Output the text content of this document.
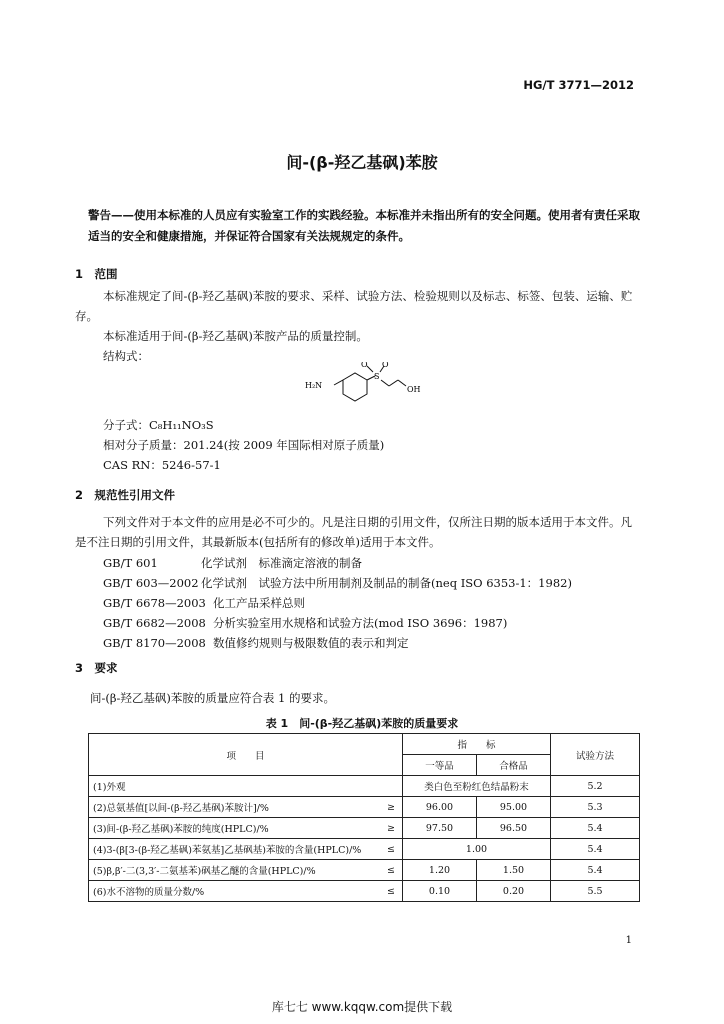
HG/T 3771—2012
间-(β-羟乙基砜)苯胺
警告——使用本标准的人员应有实验室工作的实践经验。本标准并未指出所有的安全问题。使用者有责任采取适当的安全和健康措施，并保证符合国家有关法规规定的条件。
1　范围
本标准规定了间-(β-羟乙基砜)苯胺的要求、采样、试验方法、检验规则以及标志、标签、包装、运输、贮存。
本标准适用于间-(β-羟乙基砜)苯胺产品的质量控制。
结构式：
H₂N
O O
S
OH
分子式：C₈H₁₁NO₃S
相对分子质量：201.24(按 2009 年国际相对原子质量)
CAS RN：5246-57-1
2　规范性引用文件
下列文件对于本文件的应用是必不可少的。凡是注日期的引用文件，仅所注日期的版本适用于本文件。凡是不注日期的引用文件，其最新版本(包括所有的修改单)适用于本文件。
GB/T 601	化学试剂　标准滴定溶液的制备
GB/T 603—2002 化学试剂　试验方法中所用制剂及制品的制备(neq ISO 6353-1：1982)
GB/T 6678—2003 化工产品采样总则
GB/T 6682—2008 分析实验室用水规格和试验方法(mod ISO 3696：1987)
GB/T 8170—2008 数值修约规则与极限数值的表示和判定
3　要求
间-(β-羟乙基砜)苯胺的质量应符合表 1 的要求。
表 1　间-(β-羟乙基砜)苯胺的质量要求
项　　目		指　　标		试验方法
		一等品	合格品	
(1)外观		类白色至粉红色结晶粉末		5.2
(2)总氨基值[以间-(β-羟乙基砜)苯胺计]/%	≥	96.00	95.00	5.3
(3)间-(β-羟乙基砜)苯胺的纯度(HPLC)/%	≥	97.50	96.50	5.4
(4)3-(β[3-(β-羟乙基砜)苯氨基]乙基砜基)苯胺的含量(HPLC)/%	≤	1.00		5.4
(5)β,β′-二(3,3′-二氨基苯)砜基乙醚的含量(HPLC)/%	≤	1.20	1.50	5.4
(6)水不溶物的质量分数/%	≤	0.10	0.20	5.5
1
库七七 www.kqqw.com提供下载
